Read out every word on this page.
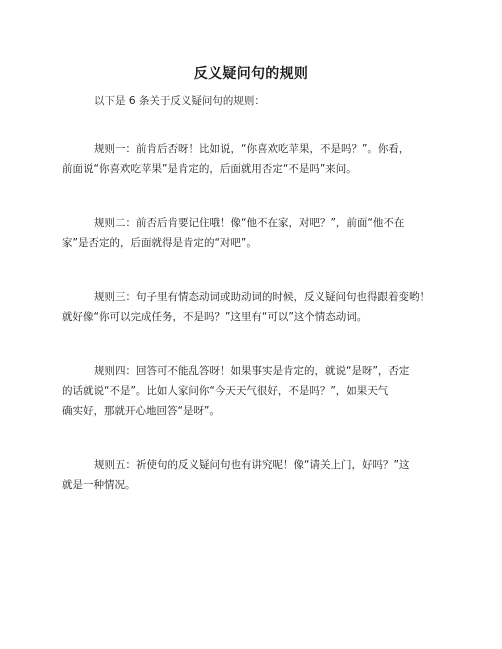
反义疑问句的规则
以下是 6 条关于反义疑问句的规则：

规则一：前肯后否呀！比如说，“你喜欢吃苹果，不是吗？”。你看，
前面说“你喜欢吃苹果”是肯定的，后面就用否定“不是吗”来问。

规则二：前否后肯要记住哦！像“他不在家，对吧？”，前面“他不在
家”是否定的，后面就得是肯定的“对吧”。

规则三：句子里有情态动词或助动词的时候，反义疑问句也得跟着变哟！
就好像“你可以完成任务，不是吗？”这里有“可以”这个情态动词。

规则四：回答可不能乱答呀！如果事实是肯定的，就说“是呀”，否定
的话就说“不是”。比如人家问你“今天天气很好，不是吗？”，如果天气
确实好，那就开心地回答“是呀”。

规则五：祈使句的反义疑问句也有讲究呢！像“请关上门，好吗？”这
就是一种情况。
